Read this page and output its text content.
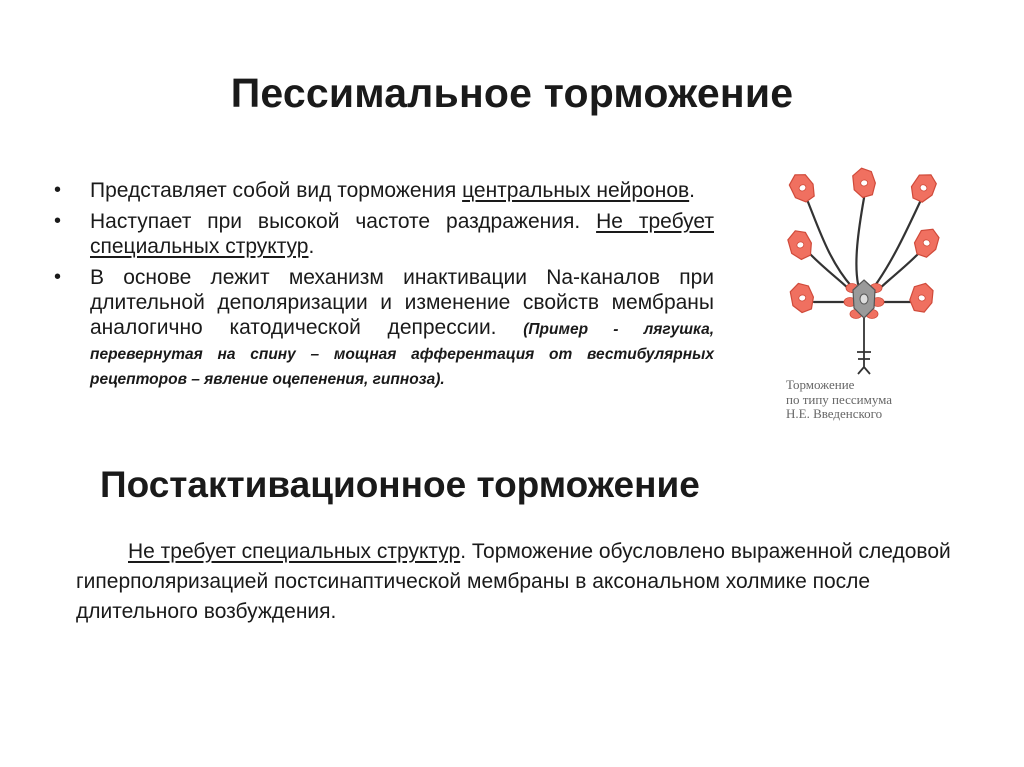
Пессимальное торможение
• Представляет собой вид торможения центральных нейронов.
• Наступает при высокой частоте раздражения. Не требует специальных структур.
• В основе лежит механизм инактивации Na-каналов при длительной деполяризации и изменение свойств мембраны аналогично катодической депрессии. (Пример - лягушка, перевернутая на спину – мощная афферентация от вестибулярных рецепторов – явление оцепенения, гипноза).	Торможение
по типу пессимума
Н.Е. Введенского
Постактивационное торможение
Не требует специальных структур. Торможение обусловлено выраженной следовой гиперполяризацией постсинаптической мембраны в аксональном холмике после длительного возбуждения.
